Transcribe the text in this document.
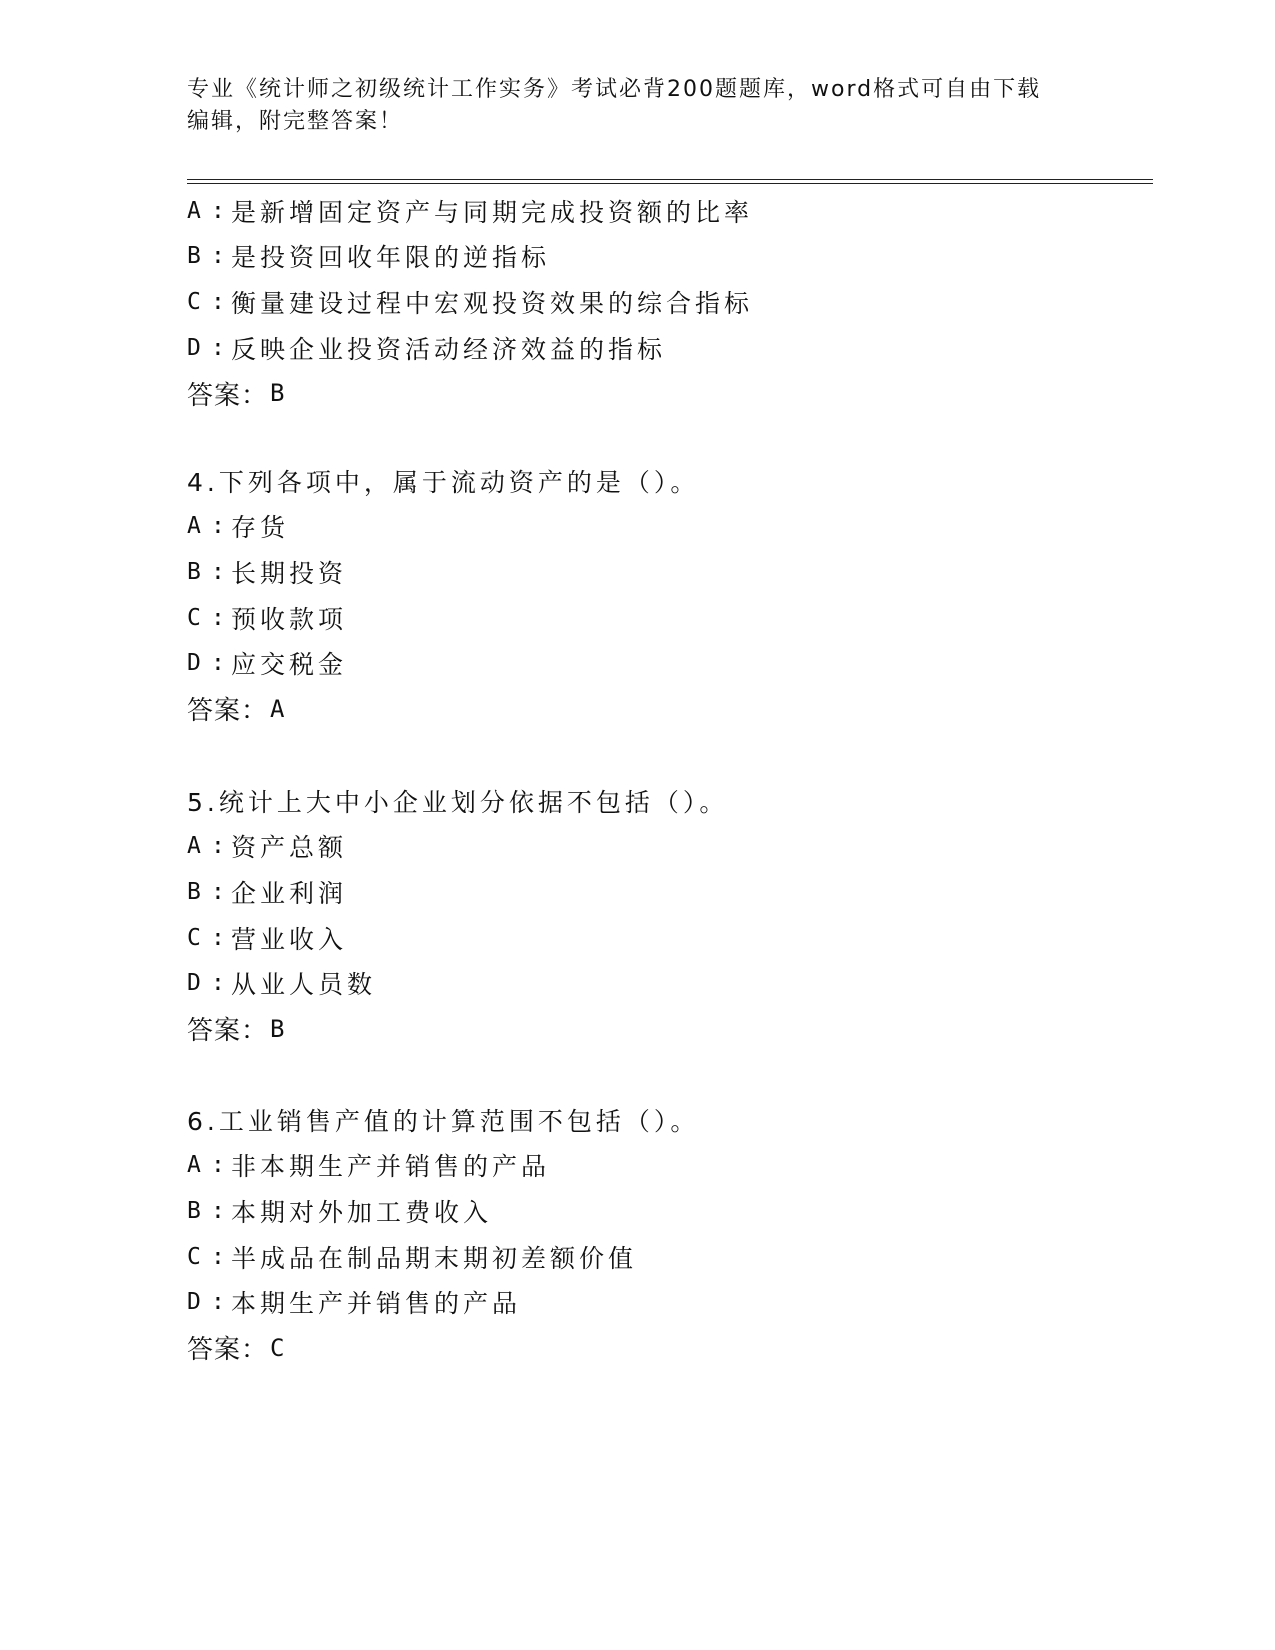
专业《统计师之初级统计工作实务》考试必背200题题库，word格式可自由下载
编辑，附完整答案！
A : 是新增固定资产与同期完成投资额的比率
B : 是投资回收年限的逆指标
C : 衡量建设过程中宏观投资效果的综合指标
D : 反映企业投资活动经济效益的指标
答案： B
4.下列各项中，属于流动资产的是（）。
A : 存货
B : 长期投资
C : 预收款项
D : 应交税金
答案： A
5.统计上大中小企业划分依据不包括（）。
A : 资产总额
B : 企业利润
C : 营业收入
D : 从业人员数
答案： B
6.工业销售产值的计算范围不包括（）。
A : 非本期生产并销售的产品
B : 本期对外加工费收入
C : 半成品在制品期末期初差额价值
D : 本期生产并销售的产品
答案： C
